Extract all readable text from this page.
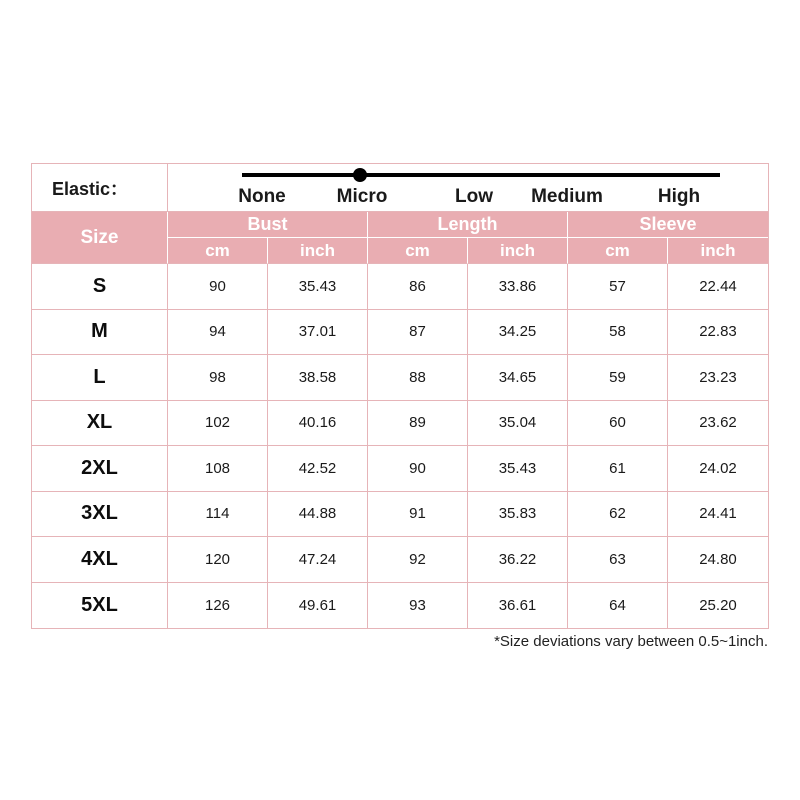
Elastic：	None	Micro	Low Medium	High
Size
Bust	Length	Sleeve
cm	inch	cm	inch	cm	inch
S	90	35.43	86	33.86	57	22.44
M	94	37.01	87	34.25	58	22.83
L	98	38.58	88	34.65	59	23.23
XL	102	40.16	89	35.04	60	23.62
2XL	108	42.52	90	35.43	61	24.02
3XL	114	44.88	91	35.83	62	24.41
4XL	120	47.24	92	36.22	63	24.80
5XL	126	49.61	93	36.61	64	25.20
*Size deviations vary between 0.5~1inch.
